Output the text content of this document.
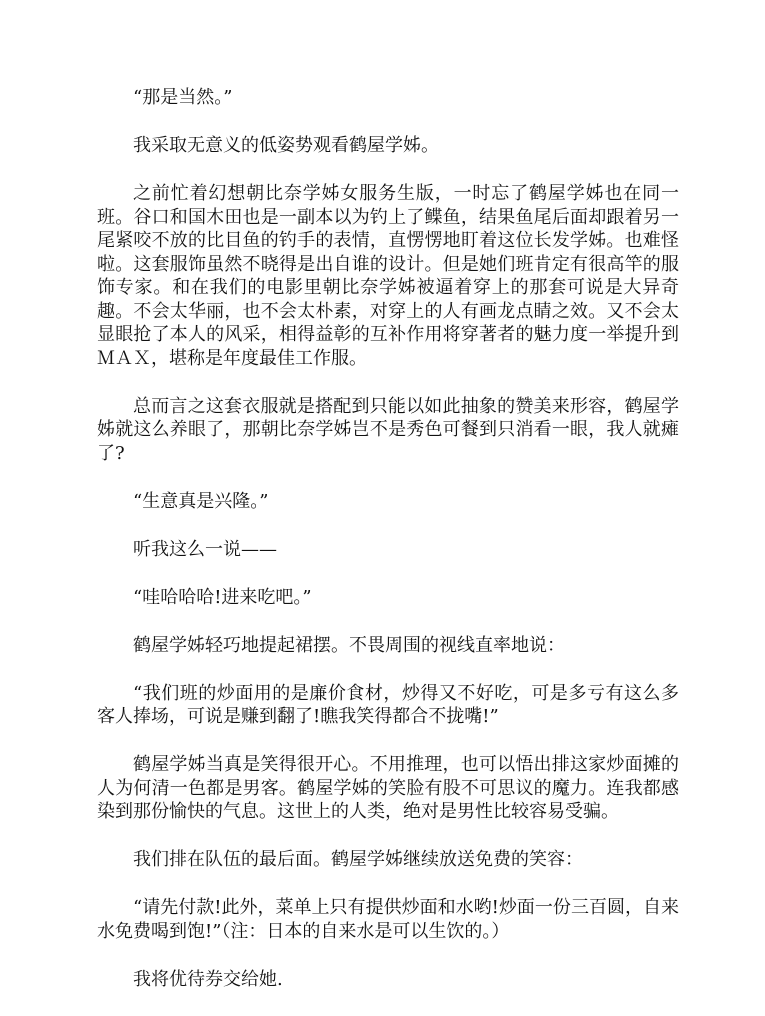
“那是当然。”

我采取无意义的低姿势观看鹤屋学姊。

之前忙着幻想朝比奈学姊女服务生版，一时忘了鹤屋学姊也在同一班。谷口和国木田也是一副本以为钓上了鲽鱼，结果鱼尾后面却跟着另一尾紧咬不放的比目鱼的钓手的表情，直愣愣地盯着这位长发学姊。也难怪啦。这套服饰虽然不晓得是出自谁的设计。但是她们班肯定有很高竿的服饰专家。和在我们的电影里朝比奈学姊被逼着穿上的那套可说是大异奇趣。不会太华丽，也不会太朴素，对穿上的人有画龙点睛之效。又不会太显眼抢了本人的风采，相得益彰的互补作用将穿著者的魅力度一举提升到ＭＡＸ，堪称是年度最佳工作服。

总而言之这套衣服就是搭配到只能以如此抽象的赞美来形容，鹤屋学姊就这么养眼了，那朝比奈学姊岂不是秀色可餐到只消看一眼，我人就瘫了?

“生意真是兴隆。”

听我这么一说——

“哇哈哈哈!进来吃吧。”

鹤屋学姊轻巧地提起裙摆。不畏周围的视线直率地说：

“我们班的炒面用的是廉价食材，炒得又不好吃，可是多亏有这么多客人捧场，可说是赚到翻了!瞧我笑得都合不拢嘴!”

鹤屋学姊当真是笑得很开心。不用推理，也可以悟出排这家炒面摊的人为何清一色都是男客。鹤屋学姊的笑脸有股不可思议的魔力。连我都感染到那份愉快的气息。这世上的人类，绝对是男性比较容易受骗。

我们排在队伍的最后面。鹤屋学姊继续放送免费的笑容：

“请先付款!此外，菜单上只有提供炒面和水哟!炒面一份三百圆，自来水免费喝到饱!”（注：日本的自来水是可以生饮的。）

我将优待券交给她.
